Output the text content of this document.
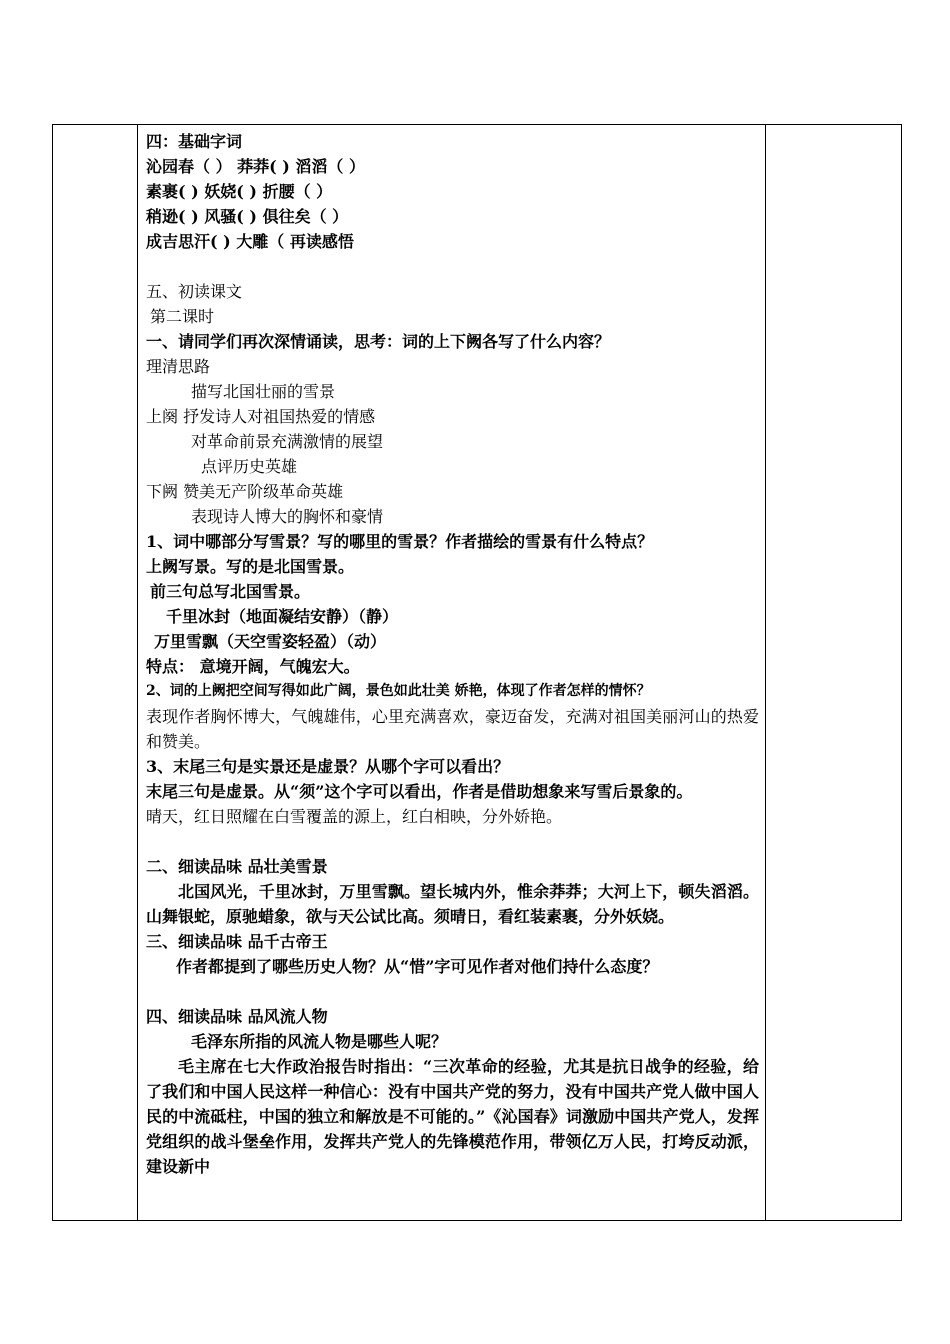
四：基础字词
沁园春（ ） 莽莽( ) 滔滔（ ）
素裹( ) 妖娆( ) 折腰（ ）
稍逊( ) 风骚( ) 俱往矣（ ）
成吉思汗( ) 大雕（ 再读感悟
五、初读课文
第二课时
一、请同学们再次深情诵读，思考：词的上下阙各写了什么内容？
理清思路
描写北国壮丽的雪景
上阕 抒发诗人对祖国热爱的情感
对革命前景充满激情的展望
点评历史英雄
下阙 赞美无产阶级革命英雄
表现诗人博大的胸怀和豪情
1、词中哪部分写雪景？写的哪里的雪景？作者描绘的雪景有什么特点？
上阙写景。写的是北国雪景。
前三句总写北国雪景。
千里冰封（地面凝结安静）（静）
万里雪飘（天空雪姿轻盈）（动）
特点： 意境开阔，气魄宏大。
2、词的上阙把空间写得如此广阔，景色如此壮美 娇艳，体现了作者怎样的情怀？
表现作者胸怀博大，气魄雄伟，心里充满喜欢，豪迈奋发，充满对祖国美丽河山的热爱和赞美。
3、末尾三句是实景还是虚景？从哪个字可以看出？
末尾三句是虚景。从“须”这个字可以看出，作者是借助想象来写雪后景象的。
晴天，红日照耀在白雪覆盖的源上，红白相映，分外娇艳。
二、细读品味 品壮美雪景
北国风光，千里冰封，万里雪飘。望长城内外，惟余莽莽；大河上下，顿失滔滔。山舞银蛇，原驰蜡象，欲与天公试比高。须晴日，看红装素裹，分外妖娆。
三、细读品味 品千古帝王
作者都提到了哪些历史人物？从“惜”字可见作者对他们持什么态度？
四、细读品味 品风流人物
毛泽东所指的风流人物是哪些人呢？
毛主席在七大作政治报告时指出：“三次革命的经验，尤其是抗日战争的经验，给了我们和中国人民这样一种信心：没有中国共产党的努力，没有中国共产党人做中国人民的中流砥柱，中国的独立和解放是不可能的。”《沁国春》词激励中国共产党人，发挥党组织的战斗堡垒作用，发挥共产党人的先锋模范作用，带领亿万人民，打垮反动派，建设新中
